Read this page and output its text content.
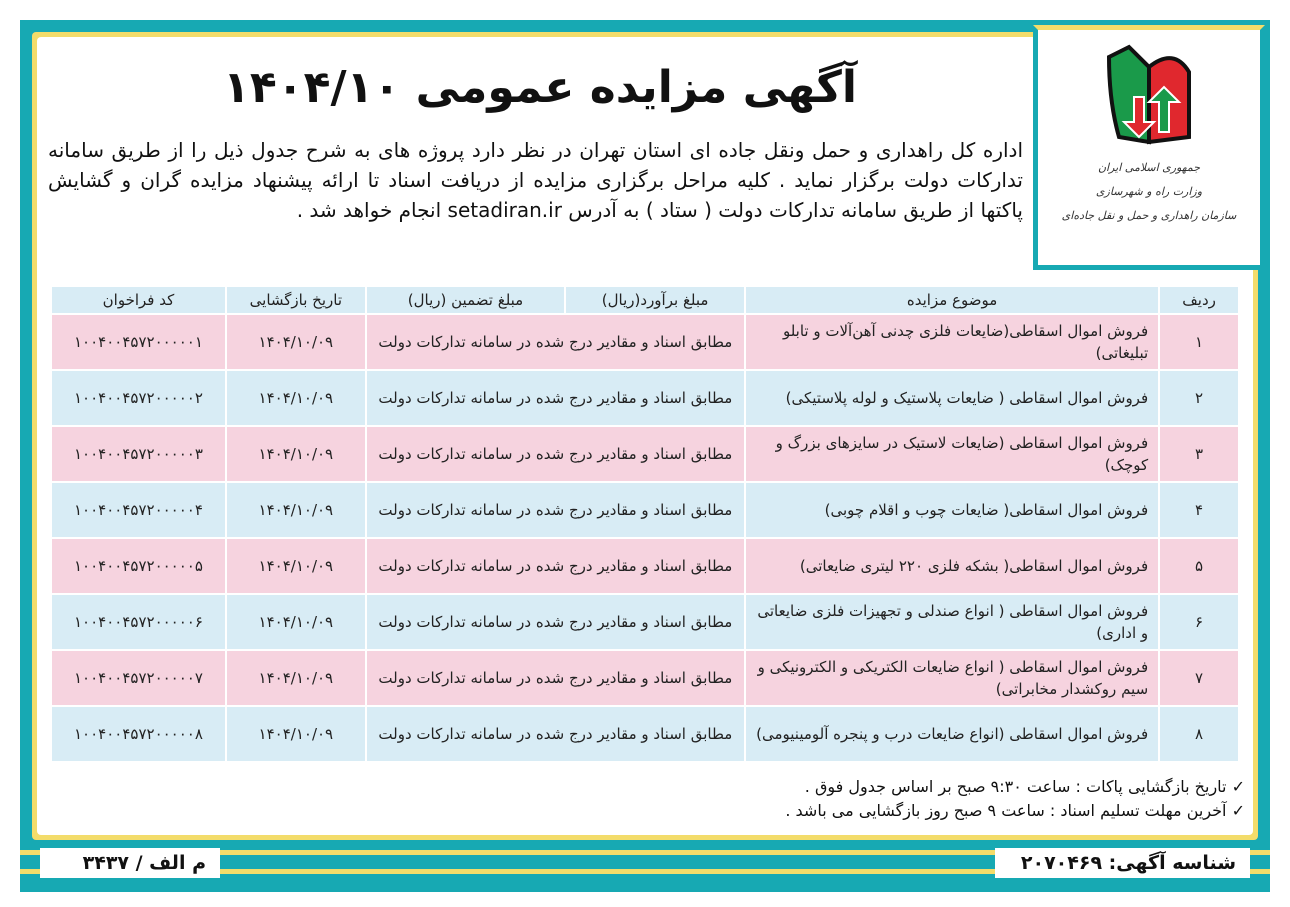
جمهوری اسلامی ایران
وزارت راه و شهرسازی
سازمان راهداری و حمل و نقل جاده‌ای
آگهی مزایده عمومی ۱۴۰۴/۱۰
اداره کل راهداری و حمل ونقل جاده ای استان تهران در نظر دارد پروژه های به شرح جدول ذیل را از طریق سامانه تدارکات دولت برگزار نماید . کلیه مراحل برگزاری مزایده از دریافت اسناد تا ارائه پیشنهاد مزایده گران و گشایش پاکتها از طریق سامانه تدارکات دولت ( ستاد ) به آدرس setadiran.ir انجام خواهد شد .
ردیف	موضوع مزایده	مبلغ برآورد(ریال)	مبلغ تضمین (ریال)	تاریخ بازگشایی	کد فراخوان
۱	فروش اموال اسقاطی(ضایعات فلزی چدنی آهن‌آلات و تابلو تبلیغاتی)	مطابق اسناد و مقادیر درج شده در سامانه تدارکات دولت	۱۴۰۴/۱۰/۰۹	۱۰۰۴۰۰۴۵۷۲۰۰۰۰۰۱
۲	فروش اموال اسقاطی ( ضایعات پلاستیک و لوله پلاستیکی)	مطابق اسناد و مقادیر درج شده در سامانه تدارکات دولت	۱۴۰۴/۱۰/۰۹	۱۰۰۴۰۰۴۵۷۲۰۰۰۰۰۲
۳	فروش اموال اسقاطی (ضایعات لاستیک در سایزهای بزرگ و کوچک)	مطابق اسناد و مقادیر درج شده در سامانه تدارکات دولت	۱۴۰۴/۱۰/۰۹	۱۰۰۴۰۰۴۵۷۲۰۰۰۰۰۳
۴	فروش اموال اسقاطی( ضایعات چوب و اقلام چوبی)	مطابق اسناد و مقادیر درج شده در سامانه تدارکات دولت	۱۴۰۴/۱۰/۰۹	۱۰۰۴۰۰۴۵۷۲۰۰۰۰۰۴
۵	فروش اموال اسقاطی( بشکه فلزی ۲۲۰ لیتری ضایعاتی)	مطابق اسناد و مقادیر درج شده در سامانه تدارکات دولت	۱۴۰۴/۱۰/۰۹	۱۰۰۴۰۰۴۵۷۲۰۰۰۰۰۵
۶	فروش اموال اسقاطی ( انواع صندلی و تجهیزات فلزی ضایعاتی و اداری)	مطابق اسناد و مقادیر درج شده در سامانه تدارکات دولت	۱۴۰۴/۱۰/۰۹	۱۰۰۴۰۰۴۵۷۲۰۰۰۰۰۶
۷	فروش اموال اسقاطی ( انواع ضایعات الکتریکی و الکترونیکی و سیم روکشدار مخابراتی)	مطابق اسناد و مقادیر درج شده در سامانه تدارکات دولت	۱۴۰۴/۱۰/۰۹	۱۰۰۴۰۰۴۵۷۲۰۰۰۰۰۷
۸	فروش اموال اسقاطی (انواع ضایعات درب و پنجره آلومینیومی)	مطابق اسناد و مقادیر درج شده در سامانه تدارکات دولت	۱۴۰۴/۱۰/۰۹	۱۰۰۴۰۰۴۵۷۲۰۰۰۰۰۸
✓ تاریخ بازگشایی پاکات : ساعت ۹:۳۰ صبح بر اساس جدول فوق .
✓ آخرین مهلت تسلیم اسناد : ساعت ۹ صبح روز بازگشایی می باشد .
شناسه آگهی: ۲۰۷۰۴۶۹
م الف / ۳۴۳۷
